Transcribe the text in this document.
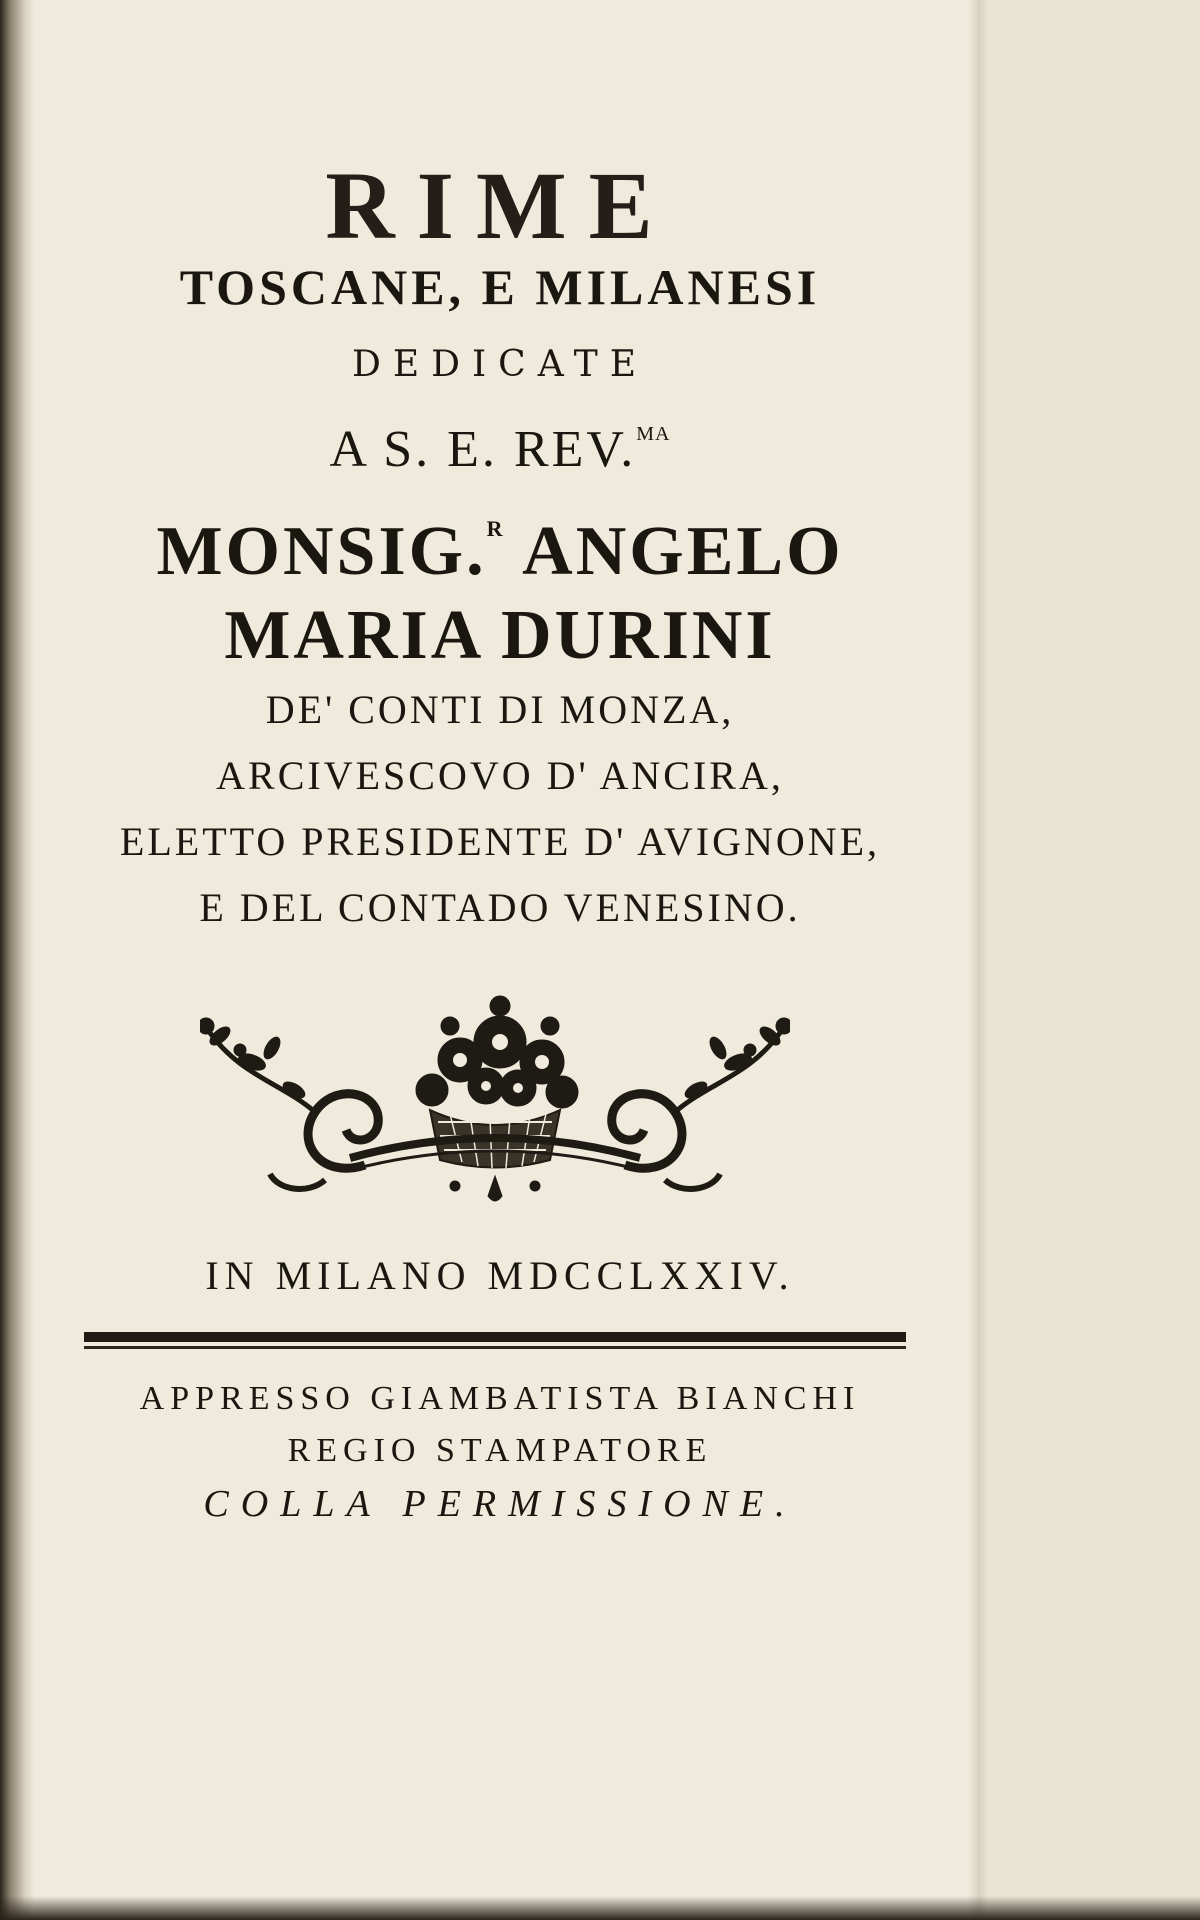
RIME
TOSCANE, E MILANESI
DEDICATE
A S. E. REV.$^{MA}$
MONSIG.$^R$ ANGELO
MARIA DURINI
DE' CONTI DI MONZA,
ARCIVESCOVO D' ANCIRA,
ELETTO PRESIDENTE D' AVIGNONE,
E DEL CONTADO VENESINO.
IN MILANO MDCCLXXIV.
APPRESSO GIAMBATISTA BIANCHI
REGIO STAMPATORE
COLLA PERMISSIONE.
